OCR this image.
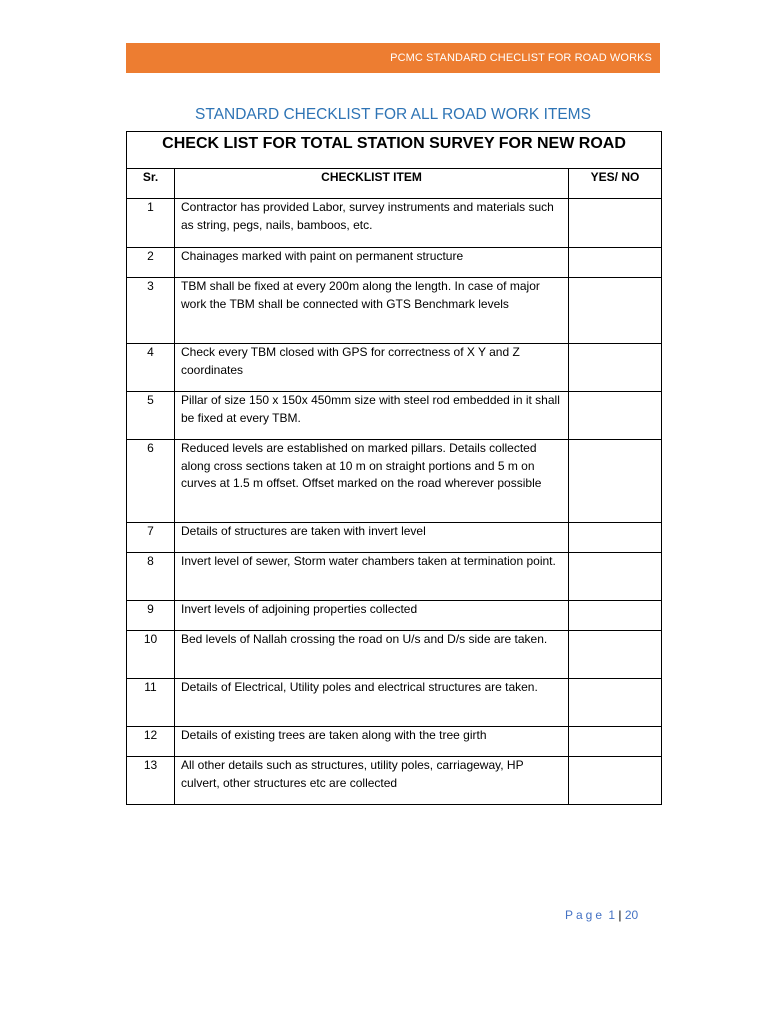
PCMC STANDARD CHECLIST FOR ROAD WORKS
STANDARD CHECKLIST FOR ALL ROAD WORK ITEMS
CHECK LIST FOR TOTAL STATION SURVEY FOR NEW ROAD		
Sr.	CHECKLIST ITEM	YES/ NO
1	Contractor has provided Labor, survey instruments and materials such as string, pegs, nails, bamboos, etc.	
2	Chainages marked with paint on permanent structure	
3	TBM shall be fixed at every 200m along the length. In case of major work the TBM shall be connected with GTS Benchmark levels	
4	Check every TBM closed with GPS for correctness of X Y and Z coordinates	
5	Pillar of size 150 x 150x 450mm size with steel rod embedded in it shall be fixed at every TBM.	
6	Reduced levels are established on marked pillars. Details collected along cross sections taken at 10 m on straight portions and 5 m on curves at 1.5 m offset. Offset marked on the road wherever possible	
7	Details of structures are taken with invert level	
8	Invert level of sewer, Storm water chambers taken at termination point.	
9	Invert levels of adjoining properties collected	
10	Bed levels of Nallah crossing the road on U/s and D/s side are taken.	
11	Details of Electrical, Utility poles and electrical structures are taken.	
12	Details of existing trees are taken along with the tree girth	
13	All other details such as structures, utility poles, carriageway, HP culvert, other structures etc are collected	
Page 1 | 20
